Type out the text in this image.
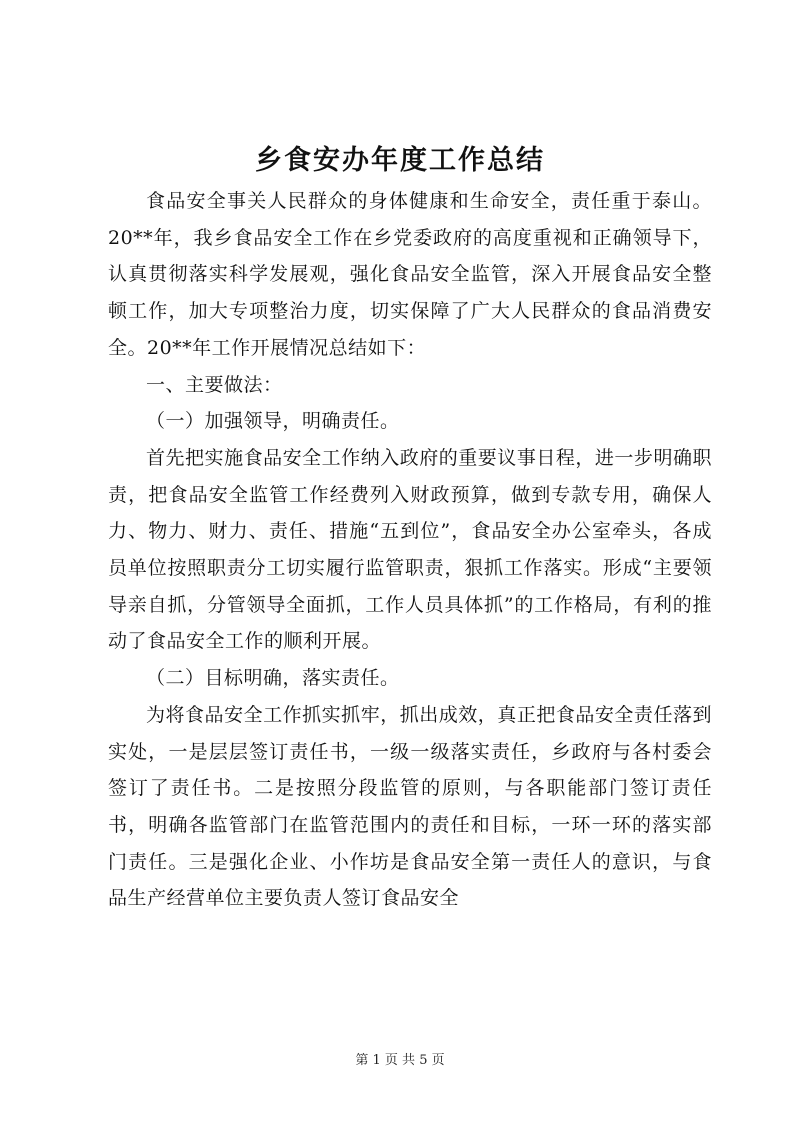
乡食安办年度工作总结

食品安全事关人民群众的身体健康和生命安全，责任重于泰山。20**年，我乡食品安全工作在乡党委政府的高度重视和正确领导下，认真贯彻落实科学发展观，强化食品安全监管，深入开展食品安全整顿工作，加大专项整治力度，切实保障了广大人民群众的食品消费安全。20**年工作开展情况总结如下：

一、主要做法：

（一）加强领导，明确责任。

首先把实施食品安全工作纳入政府的重要议事日程，进一步明确职责，把食品安全监管工作经费列入财政预算，做到专款专用，确保人力、物力、财力、责任、措施“五到位”，食品安全办公室牵头，各成员单位按照职责分工切实履行监管职责，狠抓工作落实。形成“主要领导亲自抓，分管领导全面抓，工作人员具体抓”的工作格局，有利的推动了食品安全工作的顺利开展。

（二）目标明确，落实责任。

为将食品安全工作抓实抓牢，抓出成效，真正把食品安全责任落到实处，一是层层签订责任书，一级一级落实责任，乡政府与各村委会签订了责任书。二是按照分段监管的原则，与各职能部门签订责任书，明确各监管部门在监管范围内的责任和目标，一环一环的落实部门责任。三是强化企业、小作坊是食品安全第一责任人的意识，与食品生产经营单位主要负责人签订食品安全

第 1 页 共 5 页
